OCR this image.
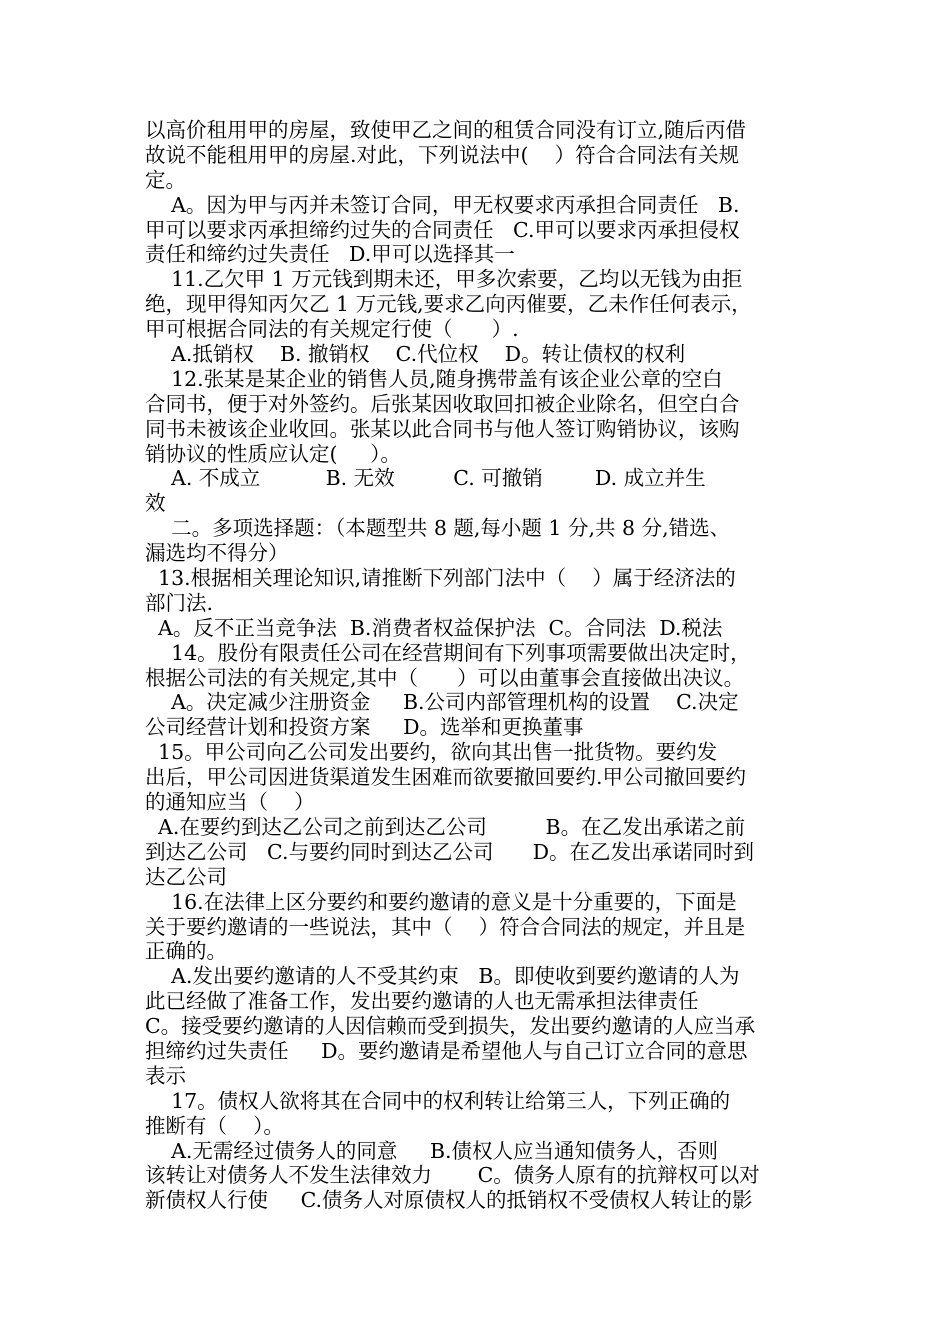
以高价租用甲的房屋，致使甲乙之间的租赁合同没有订立,随后丙借
故说不能租用甲的房屋.对此，下列说法中(    ）符合合同法有关规
定。
A。因为甲与丙并未签订合同，甲无权要求丙承担合同责任   B.
甲可以要求丙承担缔约过失的合同责任   C.甲可以要求丙承担侵权
责任和缔约过失责任   D.甲可以选择其一
11.乙欠甲 1 万元钱到期未还，甲多次索要，乙均以无钱为由拒
绝，现甲得知丙欠乙 1 万元钱,要求乙向丙催要，乙未作任何表示，
甲可根据合同法的有关规定行使（      ）.
A.抵销权    B. 撤销权    C.代位权    D。转让债权的权利
12.张某是某企业的销售人员,随身携带盖有该企业公章的空白
合同书，便于对外签约。后张某因收取回扣被企业除名，但空白合
同书未被该企业收回。张某以此合同书与他人签订购销协议，该购
销协议的性质应认定(     ）。
A. 不成立          B. 无效         C. 可撤销        D. 成立并生
效
二。多项选择题：（本题型共 8 题,每小题 1 分,共 8 分,错选、
漏选均不得分）
13.根据相关理论知识,请推断下列部门法中（    ）属于经济法的
部门法.
A。反不正当竞争法  B.消费者权益保护法  C。合同法  D.税法
14。股份有限责任公司在经营期间有下列事项需要做出决定时，
根据公司法的有关规定,其中（      ）可以由董事会直接做出决议。
A。决定减少注册资金     B.公司内部管理机构的设置    C.决定
公司经营计划和投资方案     D。选举和更换董事
15。甲公司向乙公司发出要约，欲向其出售一批货物。要约发
出后，甲公司因进货渠道发生困难而欲要撤回要约.甲公司撤回要约
的通知应当（    ）
A.在要约到达乙公司之前到达乙公司         B。在乙发出承诺之前
到达乙公司   C.与要约同时到达乙公司      D。在乙发出承诺同时到
达乙公司
16.在法律上区分要约和要约邀请的意义是十分重要的，下面是
关于要约邀请的一些说法，其中（    ）符合合同法的规定，并且是
正确的。
A.发出要约邀请的人不受其约束   B。即使收到要约邀请的人为
此已经做了准备工作，发出要约邀请的人也无需承担法律责任
C。接受要约邀请的人因信赖而受到损失，发出要约邀请的人应当承
担缔约过失责任     D。要约邀请是希望他人与自己订立合同的意思
表示
17。债权人欲将其在合同中的权利转让给第三人，下列正确的
推断有（    ）。
A.无需经过债务人的同意     B.债权人应当通知债务人，否则
该转让对债务人不发生法律效力       C。债务人原有的抗辩权可以对
新债权人行使     C.债务人对原债权人的抵销权不受债权人转让的影
